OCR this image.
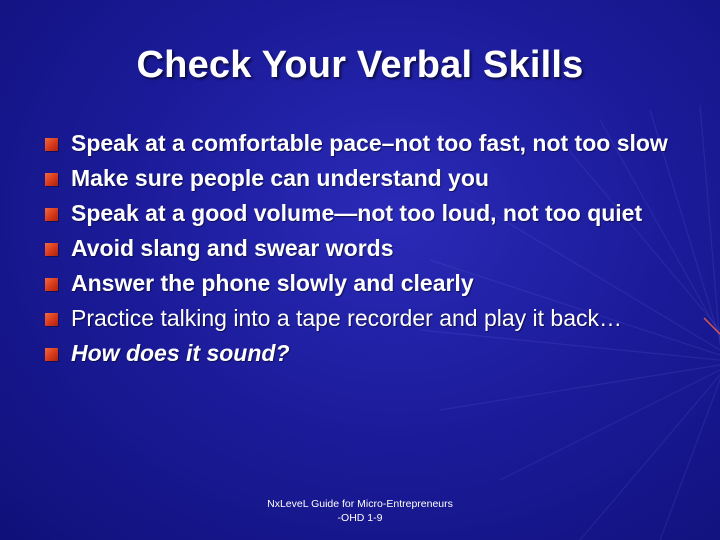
Check Your Verbal Skills
Speak at a comfortable pace–not too fast, not too slow
Make sure people can understand you
Speak at a good volume—not too loud, not too quiet
Avoid slang and swear words
Answer the phone slowly and clearly
Practice talking into a tape recorder and play it back…
How does it sound?
NxLeveL Guide for Micro-Entrepreneurs
-OHD 1-9
